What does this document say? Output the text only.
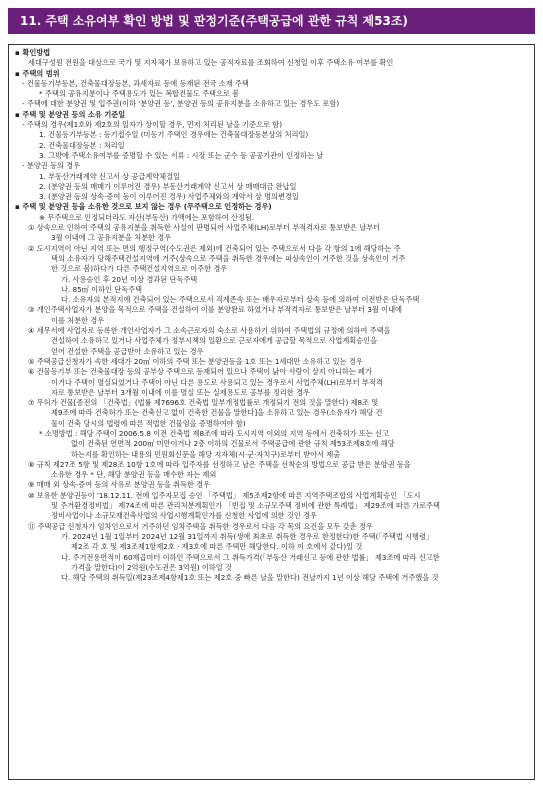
11. 주택 소유여부 확인 방법 및 판정기준(주택공급에 관한 규칙 제53조)
▪ 확인방법
세대구성원 전원을 대상으로 국가 및 지자체가 보유하고 있는 공적자료를 조회하여 신청일 이후 주택소유 여부를 확인
▪ 주택의 범위
- 건물등기부등본, 건축물대장등본, 과세자료 등에 등재된 전국 소재 주택
* 주택의 공유지분이나 주택용도가 있는 복합건물도 주택으로 봄
- 주택에 대한 분양권 및 입주권(이하 '분양권 등', 분양권 등의 공유지분을 소유하고 있는 경우도 포함)
▪ 주택 및 분양권 등의 소유 기준일
- 주택의 경우(제1호와 제2호의 일자가 상이할 경우, 먼저 처리된 날을 기준으로 함)
1. 건물등기부등본 : 등기접수일 (미등기 주택인 경우에는 건축물대장등본상의 처리일)
2. 건축물대장등본 : 처리일
3. 그밖에 주택소유여부를 증명할 수 있는 서류 : 시장 또는 군수 등 공공기관이 인정하는 날
- 분양권 등의 경우
1. 부동산거래계약 신고서 상 공급계약체결일
2. (분양권 등의 매매가 이루어진 경우) 부동산거래계약 신고서 상 매매대금 완납일
3. (분양권 등의 상속·증여 등이 이루어진 경우) 사업주체와의 계약서 상 명의변경일
▪ 주택 및 분양권 등을 소유한 것으로 보지 않는 경우 (무주택으로 인정하는 경우)
※ 무주택으로 인정되더라도 자산(부동산) 가액에는 포함하여 산정됨.
① 상속으로 인하여 주택의 공유지분을 취득한 사실이 판명되어 사업주체(LH)로부터 부적격자로 통보받은 날부터
3월 이내에 그 공유지분을 처분한 경우
② 도시지역이 아닌 지역 또는 면의 행정구역(수도권은 제외)에 건축되어 있는 주택으로서 다음 각 항의 1에 해당하는 주
택의 소유자가 당해주택건설지역에 거주(상속으로 주택을 취득한 경우에는 피상속인이 거주한 것을 상속인이 거주
한 것으로 봄)하다가 다른 주택건설지역으로 이주한 경우
가. 사용승인 후 20년 이상 경과된 단독주택
나. 85㎡ 이하인 단독주택
다. 소유자의 본적지에 건축되어 있는 주택으로서 직계존속 또는 배우자로부터 상속 등에 의하여 이전받은 단독주택
③ 개인주택사업자가 분양을 목적으로 주택을 건설하여 이를 분양완료 하였거나 부적격자로 통보받은 날부터 3월 이내에
이를 처분한 경우
④ 세무서에 사업자로 등록한 개인사업자가 그 소속근로자의 숙소로 사용하기 위하여 주택법의 규정에 의하여 주택을
건설하여 소유하고 있거나 사업주체가 정부시책의 일환으로 근로자에게 공급할 목적으로 사업계획승인을
얻어 건설한 주택을 공급받아 소유하고 있는 경우
⑤ 주택공급신청자가 속한 세대가 20㎡ 이하의 주택 또는 분양권등을 1호 또는 1세대만 소유하고 있는 경우
⑥ 건물등기부 또는 건축물대장 등의 공부상 주택으로 등재되어 있으나 주택이 낡아 사람이 살지 아니하는 폐가
이거나 주택이 멸실되었거나 주택이 아닌 다른 용도로 사용되고 있는 경우로서 사업주체(LH)로부터 부적격
자로 통보받은 날부터 3개월 이내에 이를 멸실 또는 실제용도로 공부를 정리한 경우
⑦ 무허가 건물[종전의 「건축법」(법률 제7696호 건축법 일부개정법률로 개정되기 전의 것을 말한다) 제8조 및
제9조에 따라 건축허가 또는 건축신고 없이 건축한 건물을 말한다]을 소유하고 있는 경우(소유자가 해당 건
물이 건축 당시의 법령에 따른 적법한 건물임을 증명하여야 함)
* 소명방법 : 해당 주택이 2006.5.8 이전 건축법 제8조에 따라 도시지역 이외의 지역 등에서 건축허가 또는 신고
없이 건축된 연면적 200㎡ 미만이거나 2층 이하의 건물로서 주택공급에 관한 규칙 제53조제8호에 해당
하는지를 확인하는 내용의 민원회신문을 해당 지자체(시·군·자치구)로부터 받아서 제출
⑧ 규칙 제27조 5항 및 제28조 10항 1호에 따라 입주자를 선정하고 남은 주택을 선착순의 방법으로 공급 받은 분양권 등을
소유한 경우 * 단, 해당 분양권 등을 매수한 자는 제외
⑨ 매매 외 상속·증여 등의 사유로 분양권 등을 취득한 경우
⑩ 보유한 분양권등이 '18.12.11. 전에 입주자모집 승인 「주택법」 제5조제2항에 따른 지역주택조합의 사업계획승인 「도시
및 주거환경정비법」 제74조에 따른 관리처분계획인가 「빈집 및 소규모주택 정비에 관한 특례법」 제29조에 따른 가로주택
정비사업이나 소규모재건축사업의 사업시행계획인가를 신청한 사업에 의한 것인 경우
⑪ 주택공급 신청자가 임차인으로서 거주하던 임차주택을 취득한 경우로서 다음 각 목의 요건을 모두 갖춘 경우
가. 2024년 1월 1일부터 2024년 12월 31일까지 취득(생애 최초로 취득한 경우로 한정한다)한 주택(「주택법 시행령」
제2조 각 호 및 제3조제1항제2호 · 제3호에 따른 주택만 해당한다. 이하 이 호에서 같다)일 것
나. 주거전용면적이 60제곱미터 이하인 주택으로서 그 취득가격(「부동산 거래신고 등에 관한 법률」 제3조에 따라 신고한
가격을 말한다)이 2억원(수도권은 3억원) 이하일 것
다. 해당 주택의 취득일(제23조제4항제1호 또는 제2호 중 빠른 날을 말한다) 전날까지 1년 이상 해당 주택에 거주했을 것
